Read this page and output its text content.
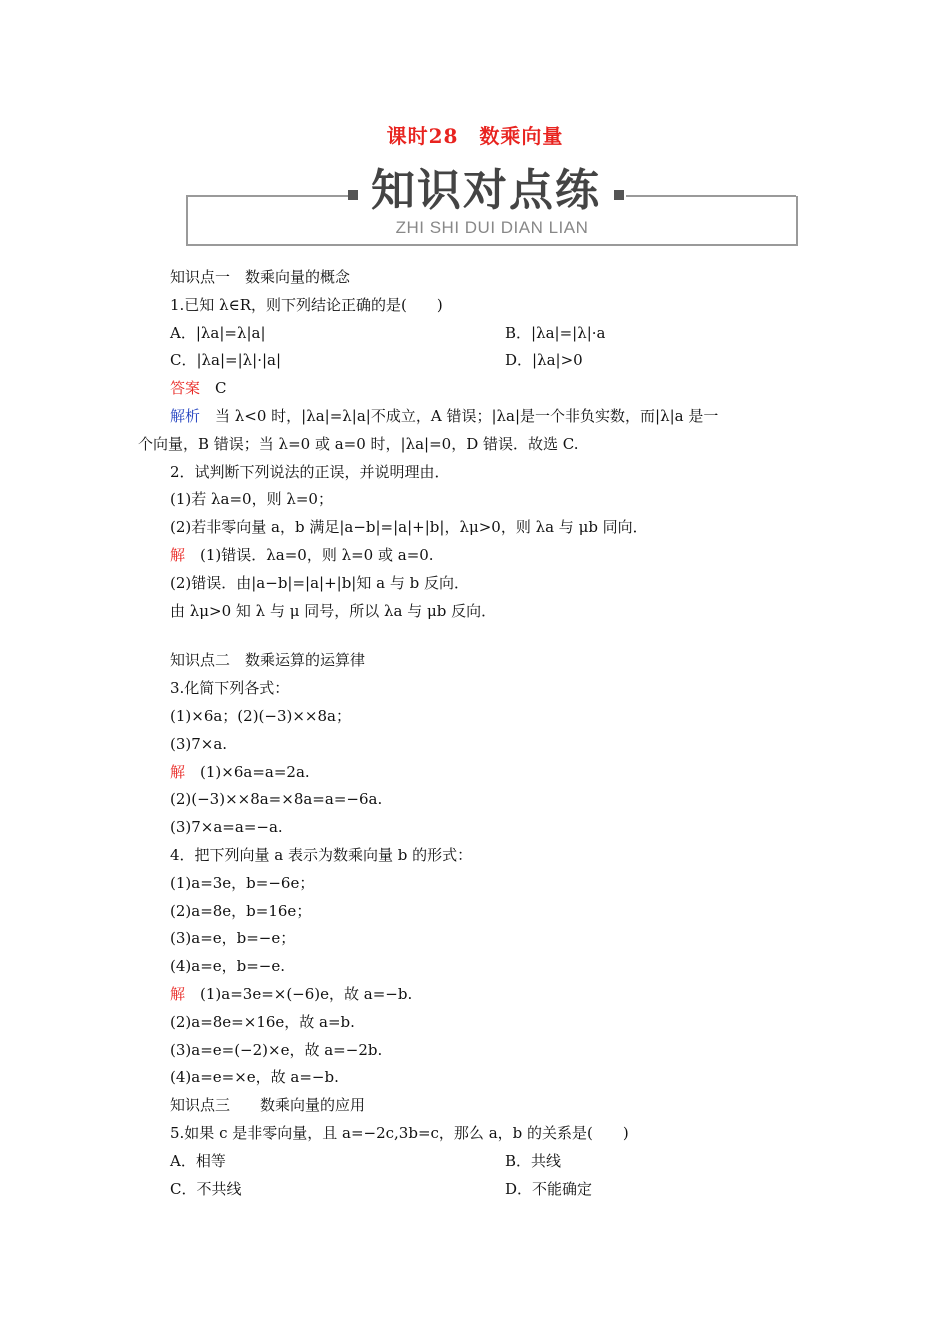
课时28　数乘向量
知识对点练
ZHI SHI DUI DIAN LIAN
知识点一　数乘向量的概念
1.已知 λ∈R，则下列结论正确的是(　　)
A．|λa|=λ|a|	B．|λa|=|λ|·a
C．|λa|=|λ|·|a|	D．|λa|>0
答案　C
解析　当 λ<0 时，|λa|=λ|a|不成立，A 错误；|λa|是一个非负实数，而|λ|a 是一
个向量，B 错误；当 λ=0 或 a=0 时，|λa|=0，D 错误．故选 C.
2．试判断下列说法的正误，并说明理由．
(1)若 λa=0，则 λ=0；
(2)若非零向量 a，b 满足|a−b|=|a|+|b|，λμ>0，则 λa 与 μb 同向．
解　(1)错误．λa=0，则 λ=0 或 a=0.
(2)错误．由|a−b|=|a|+|b|知 a 与 b 反向．
由 λμ>0 知 λ 与 μ 同号，所以 λa 与 μb 反向．
知识点二　数乘运算的运算律
3.化简下列各式：
(1)×6a；(2)(−3)××8a；
(3)7×a.
解　(1)×6a=a=2a.
(2)(−3)××8a=×8a=a=−6a.
(3)7×a=a=−a.
4．把下列向量 a 表示为数乘向量 b 的形式：
(1)a=3e，b=−6e；
(2)a=8e，b=16e；
(3)a=e，b=−e；
(4)a=e，b=−e.
解　(1)a=3e=×(−6)e，故 a=−b.
(2)a=8e=×16e，故 a=b.
(3)a=e=(−2)×e，故 a=−2b.
(4)a=e=×e，故 a=−b.
知识点三　　数乘向量的应用
5.如果 c 是非零向量，且 a=−2c,3b=c，那么 a，b 的关系是(　　)
A．相等	B．共线
C．不共线	D．不能确定
